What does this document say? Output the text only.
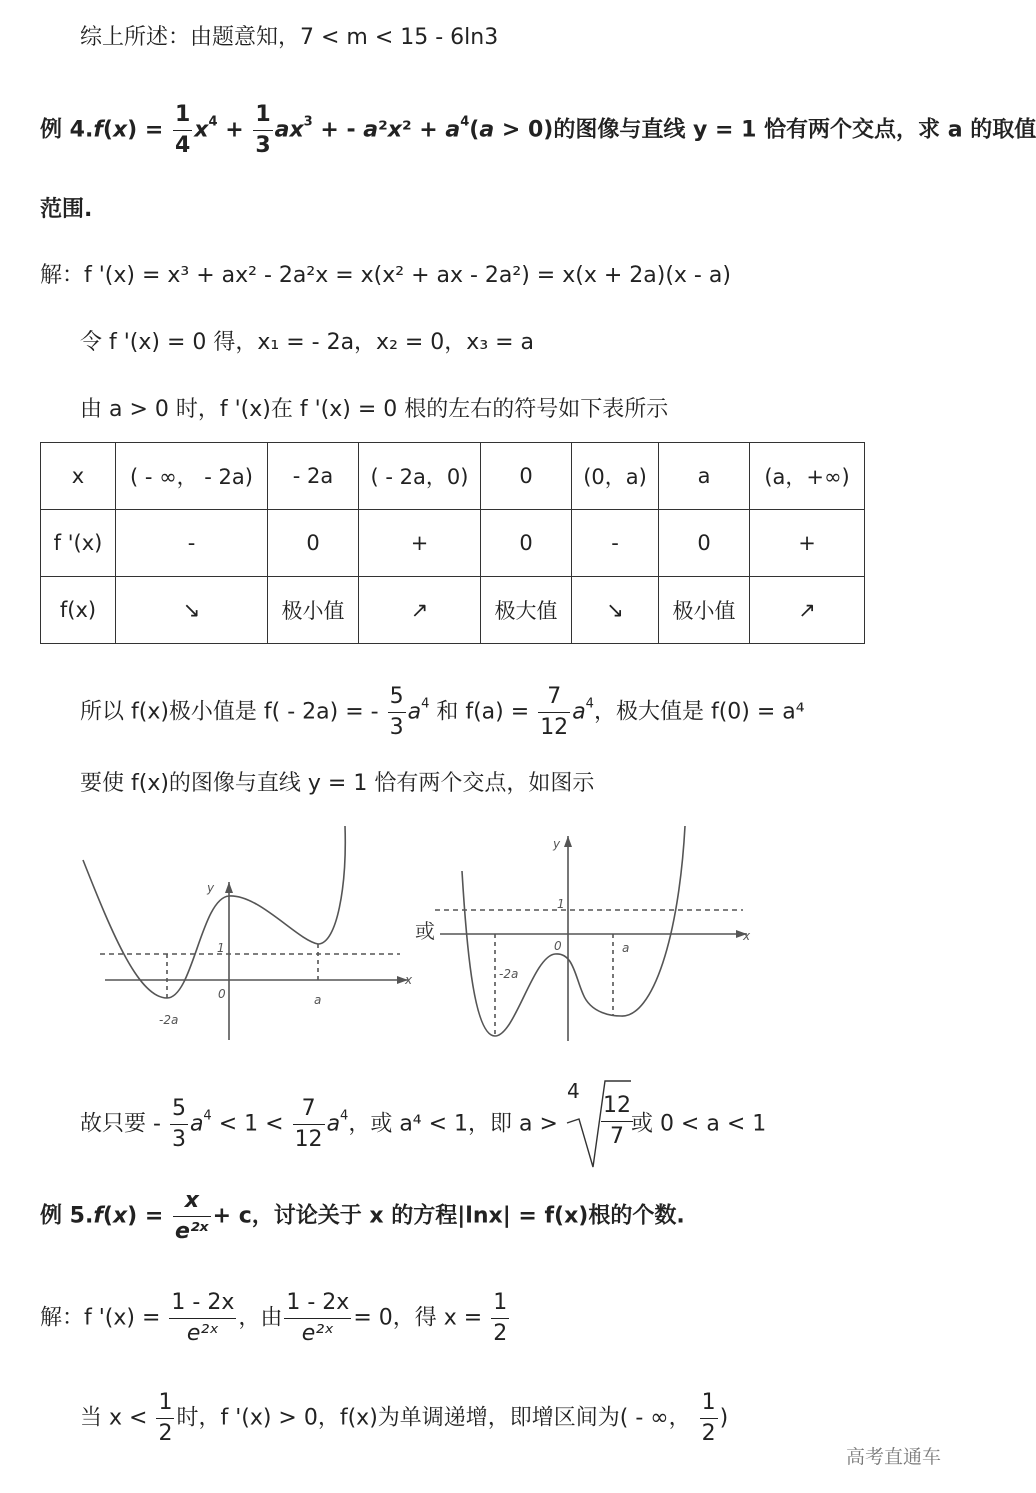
综上所述：由题意知，7 < m < 15 - 6ln3
例 $4.f(x) = \frac{1}{4} x^4 + \frac{1}{3} ax^3$ + - $a^2x^2 + a^4(a > 0)$的图像与直线 y = 1 恰有两个交点，求 a 的取值
范围.
解：f '(x) = x³ + ax² - 2a²x = x(x² + ax - 2a²) = x(x + 2a)(x - a)
令 f '(x) = 0 得，x₁ = - 2a，x₂ = 0，x₃ = a
由 a > 0 时，f '(x)在 f '(x) = 0 根的左右的符号如下表所示
x	( - ∞， - 2a)	- 2a	( - 2a，0)	0	(0，a)	a	(a，+∞)
f '(x)	-	0	+	0	-	0	+
f(x)	↘	极小值	↗	极大值	↘	极小值	↗
所以 f(x)极小值是 f( - 2a) = - $\frac{5}{3} a^4$ 和 $f(a) = \frac{7}{12} a^4$，极大值是 f(0) = a⁴
要使 f(x)的图像与直线 y = 1 恰有两个交点，如图示
y
x
1
0
-2a
a
或
y
x
1
0
-2a
a
故只要 - $\frac{5}{3} a^4 < 1 < \frac{7}{12} a^4$，或 a⁴ < 1，即 a >
$4 \frac{12}{7}$
或 0 < a < 1
例 $5.f(x) = \frac{x}{\text{e²ˣ}} + c$，讨论关于 x 的方程|lnx| = f(x)根的个数.
解：f '$(x) = \frac{1 - 2x}{\text{e²ˣ}}$ ，由 $\frac{1 - 2x}{\text{e²ˣ}} = 0$，得 $x = \frac{1}{2}$
当 $x < \frac{1}{2}$ 时，f '(x) > 0，f(x)为单调递增，即增区间为( - ∞， $\frac{1}{2}$ )
高考直通车
